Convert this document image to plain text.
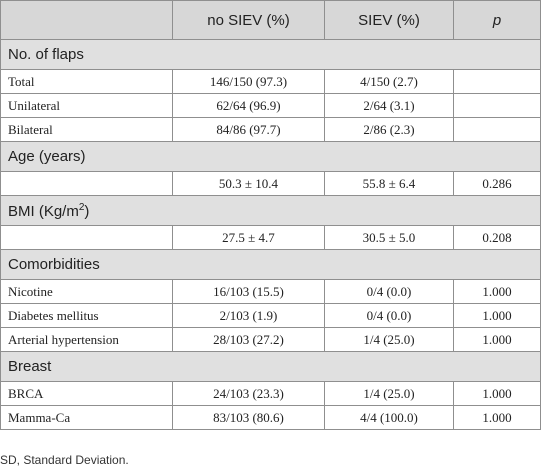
	no SIEV (%)	SIEV (%)	p
No. of flaps			
Total	146/150 (97.3)	4/150 (2.7)	
Unilateral	62/64 (96.9)	2/64 (3.1)	
Bilateral	84/86 (97.7)	2/86 (2.3)	
Age (years)			
	50.3 ± 10.4	55.8 ± 6.4	0.286
BMI $(Kg/m^2)$			
	27.5 ± 4.7	30.5 ± 5.0	0.208
Comorbidities			
Nicotine	16/103 (15.5)	0/4 (0.0)	1.000
Diabetes mellitus	2/103 (1.9)	0/4 (0.0)	1.000
Arterial hypertension	28/103 (27.2)	1/4 (25.0)	1.000
Breast			
BRCA	24/103 (23.3)	1/4 (25.0)	1.000
Mamma-Ca	83/103 (80.6)	4/4 (100.0)	1.000
SD, Standard Deviation.
